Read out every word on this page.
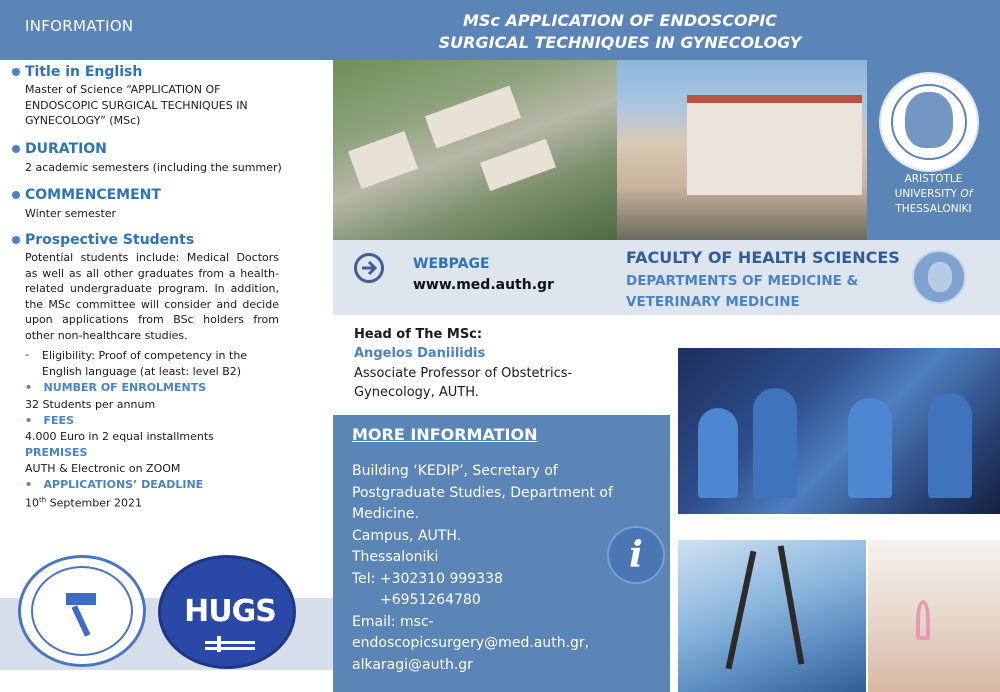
INFORMATION	MSc APPLICATION OF ENDOSCOPIC
SURGICAL TECHNIQUES IN GYNECOLOGY
Title in English
Master of Science “APPLICATION OF ENDOSCOPIC SURGICAL TECHNIQUES IN GYNECOLOGY” (MSc)
DURATION
2 academic semesters (including the summer)
COMMENCEMENT
Winter semester
Prospective Students
Potential students include: Medical Doctors as well as all other graduates from a health-related undergraduate program. In addition, the MSc committee will consider and decide upon applications from BSc holders from other non-healthcare studies.
- Eligibility: Proof of competency in the English language (at least: level B2)
•   NUMBER OF ENROLMENTS
32 Students per annum
•   FEES
4.000 Euro in 2 equal installments
PREMISES
AUTH & Electronic on ZOOM
•   APPLICATIONS’ DEADLINE
10th September 2021
HUGS
ARISTOTLE
UNIVERSITY Of
THESSALONIKI
WEBPAGE
www.med.auth.gr
FACULTY OF HEALTH SCIENCES
DEPARTMENTS OF MEDICINE & VETERINARY MEDICINE
Head of The MSc:
Angelos Daniilidis
Associate Professor of Obstetrics-Gynecology, AUTH.
MORE INFORMATION
Building ‘KEDIP’, Secretary of Postgraduate Studies, Department of Medicine.
Campus, AUTH.
Thessaloniki
Tel: +302310 999338
+6951264780
Email: msc-
endoscopicsurgery@med.auth.gr,
alkaragi@auth.gr
i
